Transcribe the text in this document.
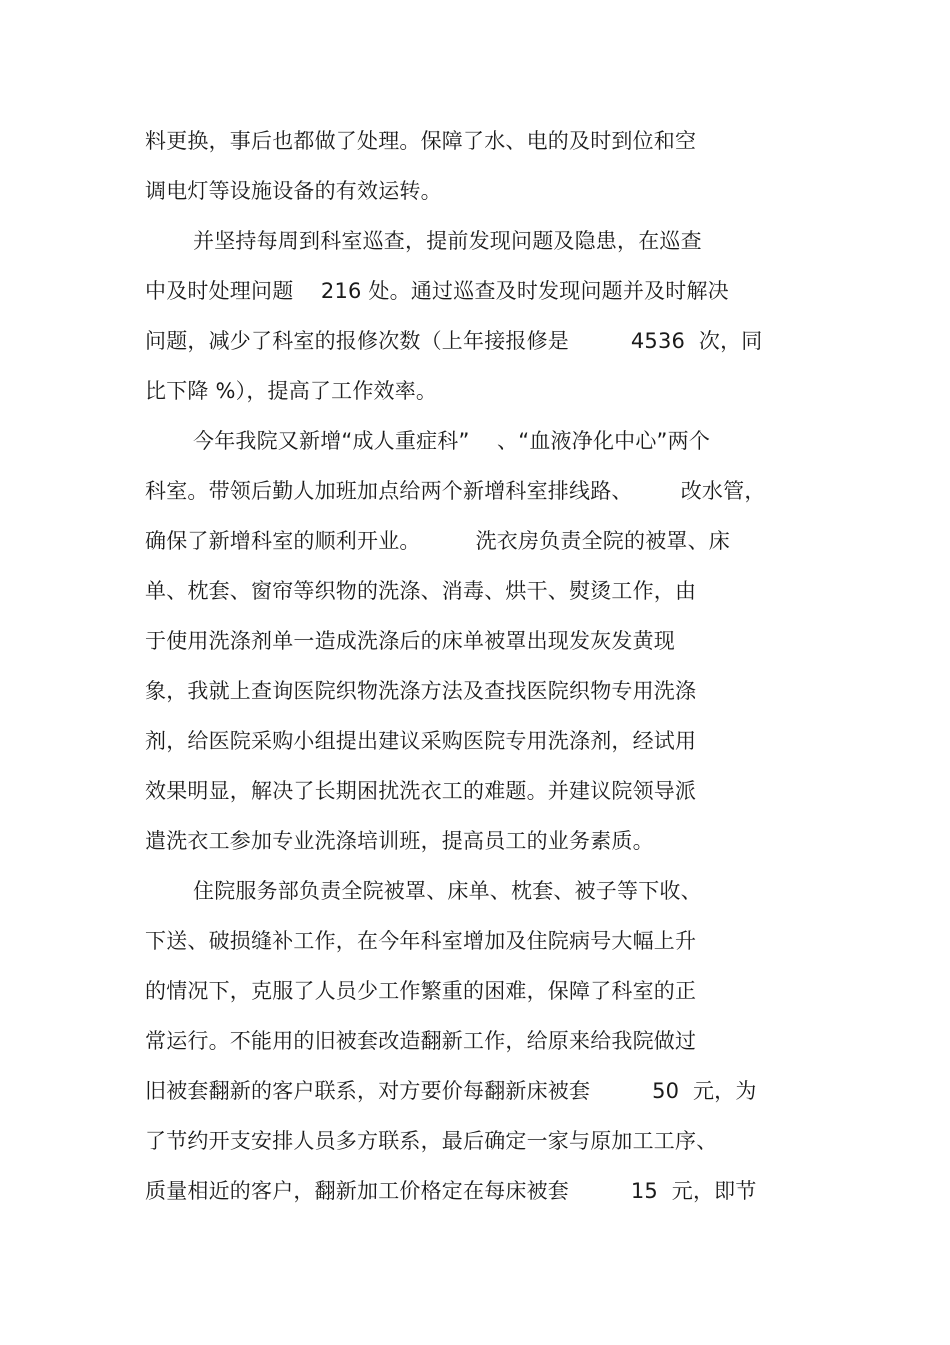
料更换，事后也都做了处理。保障了水、电的及时到位和空
调电灯等设施设备的有效运转。
并坚持每周到科室巡查，提前发现问题及隐患，在巡查
中及时处理问题    216 处。通过巡查及时发现问题并及时解决
问题，减少了科室的报修次数（上年接报修是         4536  次，同
比下降 %），提高了工作效率。
今年我院又新增“成人重症科”    、“血液净化中心”两个
科室。带领后勤人加班加点给两个新增科室排线路、       改水管，
确保了新增科室的顺利开业。        洗衣房负责全院的被罩、床
单、枕套、窗帘等织物的洗涤、消毒、烘干、熨烫工作，由
于使用洗涤剂单一造成洗涤后的床单被罩出现发灰发黄现
象，我就上查询医院织物洗涤方法及查找医院织物专用洗涤
剂，给医院采购小组提出建议采购医院专用洗涤剂，经试用
效果明显，解决了长期困扰洗衣工的难题。并建议院领导派
遣洗衣工参加专业洗涤培训班，提高员工的业务素质。
住院服务部负责全院被罩、床单、枕套、被子等下收、
下送、破损缝补工作，在今年科室增加及住院病号大幅上升
的情况下，克服了人员少工作繁重的困难，保障了科室的正
常运行。不能用的旧被套改造翻新工作，给原来给我院做过
旧被套翻新的客户联系，对方要价每翻新床被套         50  元，为
了节约开支安排人员多方联系，最后确定一家与原加工工序、
质量相近的客户，翻新加工价格定在每床被套         15  元，即节
